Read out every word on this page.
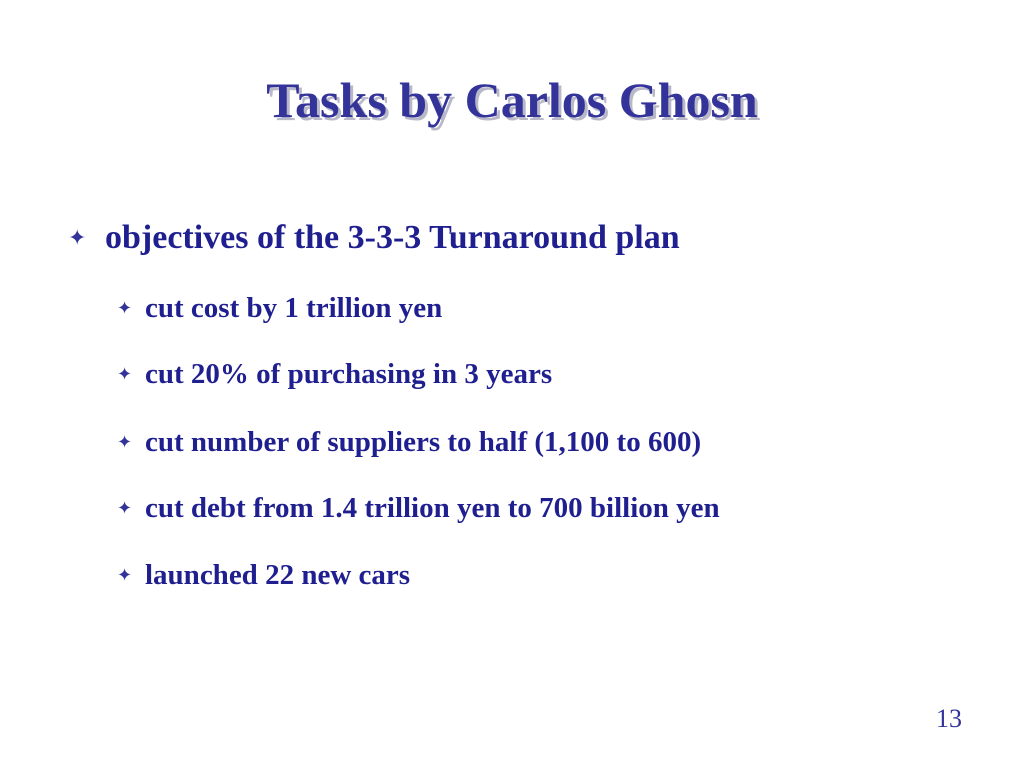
Tasks by Carlos Ghosn
✦ objectives of the 3-3-3 Turnaround plan
✦ cut cost by 1 trillion yen
✦ cut 20% of purchasing in 3 years
✦ cut number of suppliers to half (1,100 to 600)
✦ cut debt from 1.4 trillion yen to 700 billion yen
✦ launched 22 new cars
13
